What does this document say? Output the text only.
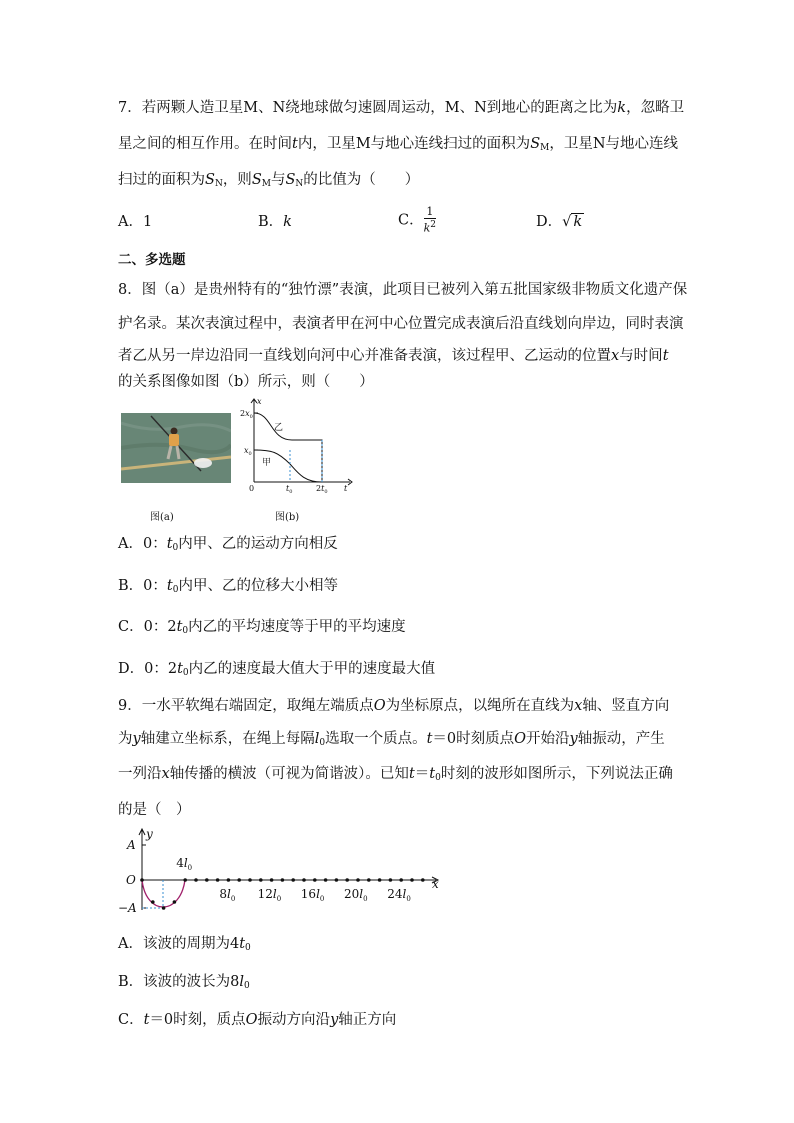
7．若两颗人造卫星M、N绕地球做匀速圆周运动，M、N到地心的距离之比为k，忽略卫
星之间的相互作用。在时间t内，卫星M与地心连线扫过的面积为$S_M$，卫星N与地心连线
扫过的面积为$S_N$，则$S_M$与$S_N$的比值为（　　）
A．1	B．k	C． $\frac{1}{k^2}$	D．√ k
二、多选题
8．图（a）是贵州特有的“独竹漂”表演，此项目已被列入第五批国家级非物质文化遗产保
护名录。某次表演过程中，表演者甲在河中心位置完成表演后沿直线划向岸边，同时表演
者乙从另一岸边沿同一直线划向河中心并准备表演，该过程甲、乙运动的位置x与时间t
的关系图像如图（b）所示，则（　　）
图(a)
x
t
0
$2x_0$
$x_0$
$t_0$	$2t_0$
乙
甲
图(b)
A．0：$t_0$内甲、乙的运动方向相反
B．0：$t_0$内甲、乙的位移大小相等
C．0：$2t_0$内乙的平均速度等于甲的平均速度
D．0：$2t_0$内乙的速度最大值大于甲的速度最大值
9．一水平软绳右端固定，取绳左端质点O为坐标原点，以绳所在直线为x轴、竖直方向
为y轴建立坐标系，在绳上每隔$l_0$选取一个质点。t＝0时刻质点O开始沿y轴振动，产生
一列沿x轴传播的横波（可视为简谐波）。已知$t=t_0$时刻的波形如图所示，下列说法正确
的是（　）
y
A
−A
O	x
$4l_0$
$8l_0$ $12l_0$ $16l_0$ $20l_0$ $24l_0$
A．该波的周期为$4t_0$
B．该波的波长为$8l_0$
C．t＝0时刻，质点O振动方向沿y轴正方向
